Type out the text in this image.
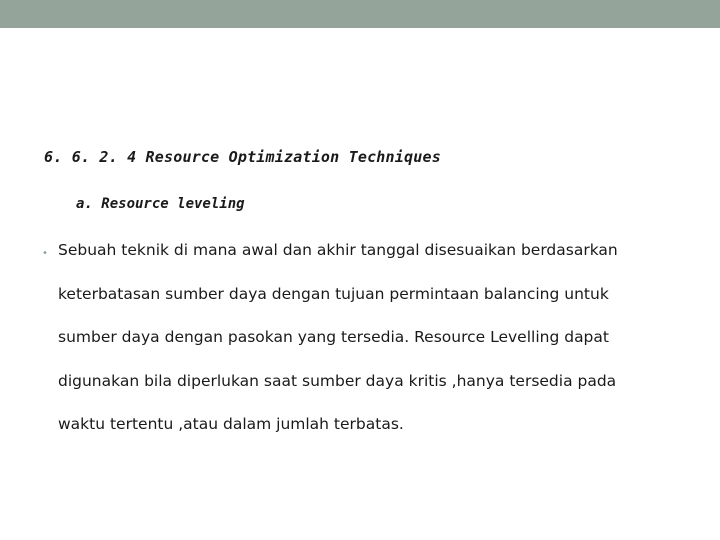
6. 6. 2. 4 Resource Optimization Techniques
a. Resource leveling
• Sebuah teknik di mana awal dan akhir tanggal disesuaikan berdasarkan
keterbatasan sumber daya dengan tujuan permintaan balancing untuk
sumber daya dengan pasokan yang tersedia. Resource Levelling dapat
digunakan bila diperlukan saat sumber daya kritis ,hanya tersedia pada
waktu tertentu ,atau dalam jumlah terbatas.
